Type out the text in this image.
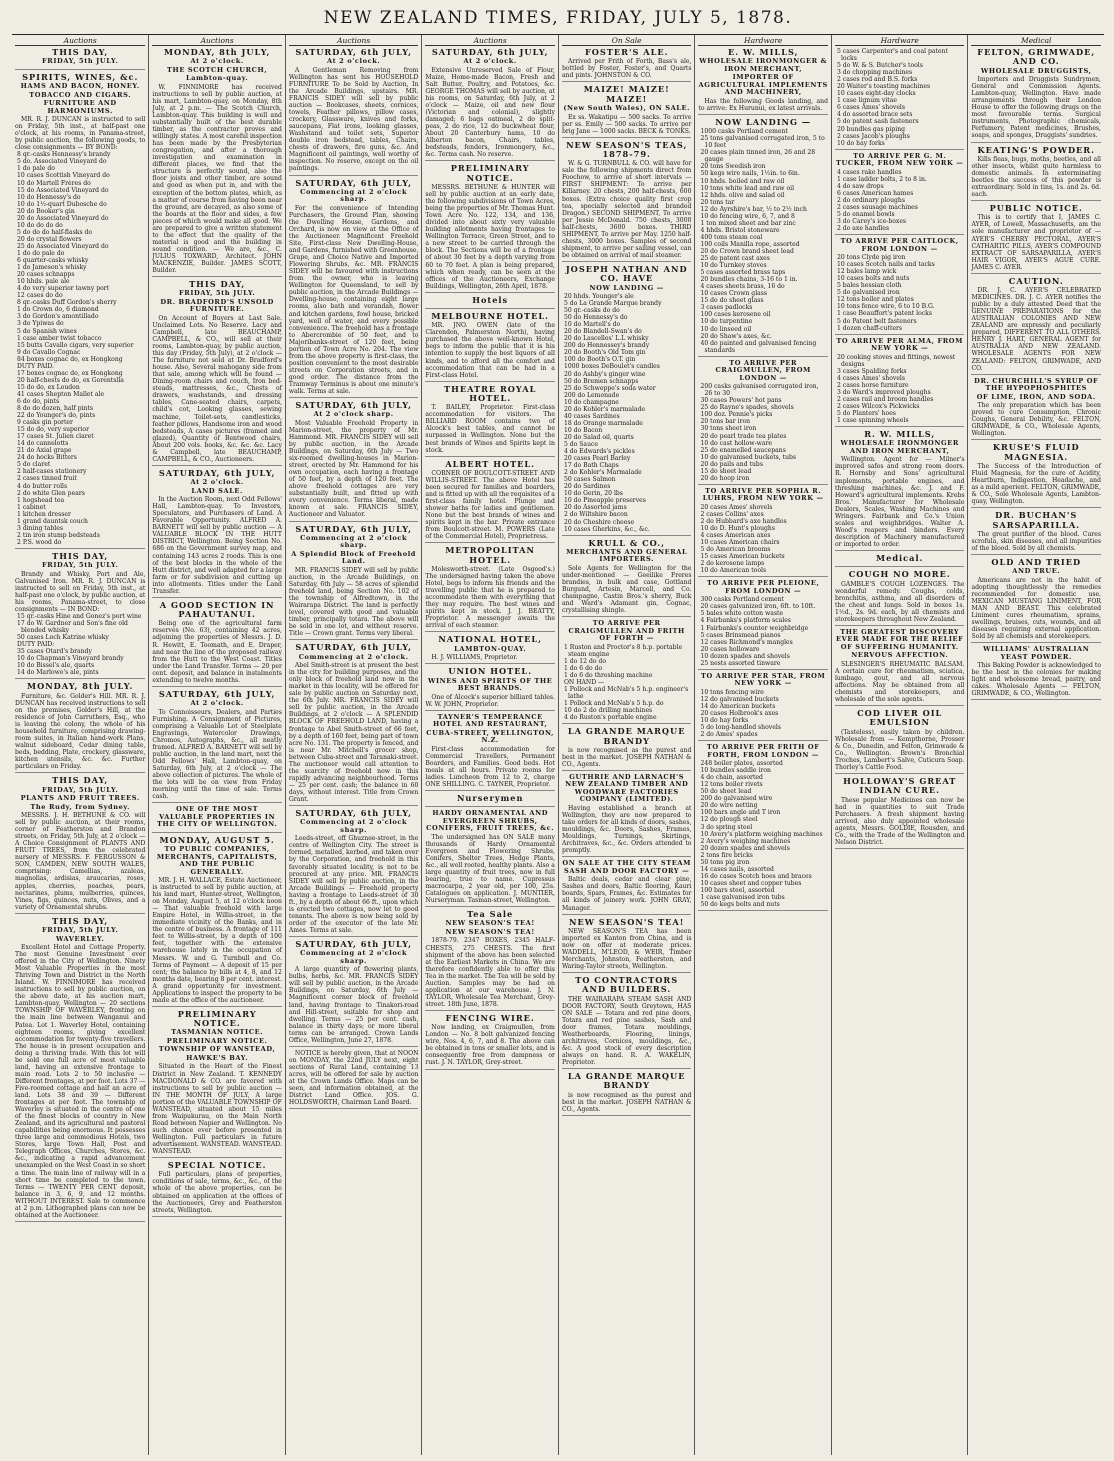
NEW ZEALAND TIMES, FRIDAY, JULY 5, 1878.
Auctions
THIS DAY,
FRIDAY, 5th JULY.
SPIRITS, WINES, &c.
HAMS AND BACON, HONEY.
TOBACCO AND CIGARS.
FURNITURE AND HARMONIUMS.
MR. R. J. DUNCAN is instructed to sell on Friday, 5th inst., at half-past one o'clock, at his rooms, in Panama-street, by public auction, the following goods, to close consignments — BY BOND:
8 qr.-casks Hennessy's brandy
5 do. Associated Vineyard do
1 do pale do
10 cases Scottish Vineyard do
10 do Martell Frères do
15 do Associated Vineyard do
10 do Hennessy's do
10 do 1½-quart Dubosche do
20 do Booker's gin
20 do Associated Vineyard do
10 do do do do
5 do do do half-flasks do
20 do crystal flowers
25 do Associated Vineyard do
1 do do pale do
6 quarter-casks whisky
1 do Jameson's whisky
20 cases schnapps
10 hhds. pale ale
4 do very superior tawny port
12 cases do do
8 qr.-casks Duff Gordon's sherry
1 do Crown do, 6 diamond
3 do Gordon's amontillado
3 do Ypiwas do
5 do Spanish wines
1 case amber twist tobacco
15 butts Cavallo cigars, very superior
9 do Cavallo Cognac
84 boxes cognac do, ex Hongkong
DUTY PAID.
17 boxes cognac do, ex Hongkong
20 half-chests do do, ex Gorentslla
15 do do, ex Loudon
41 cases Shepton Mallet ale
6 do do, pints
8 do do dozen, half pints
22 do Younger's do, pints
9 casks gin porter
15 do do, very superior
17 cases St. Julien claret
14 do cannelotts
21 do Axial grape
24 do hocks Bitters
5 do claret
2 half-cases stationery
2 cases tinned fruit
4 do butter rolls
2 do white Glen pears
1 hogshead tea
1 cabinet
1 kitchen dresser
1 grand dauntsk couch
3 dining tables
2 tin iron stump bedsteads
2 P.S. wood do
THIS DAY,
FRIDAY, 5th JULY.
Brandy and Whisky, Port and Ale, Galvanised Iron. MR. R. J. DUNCAN is instructed to sell on Friday, 5th inst., at half-past one o'clock, by public auction, at his rooms, Panama-street, to close consignments — IN BOND:
15 qr.-casks Hine and Gonez's port wine
17 do W. Gardner and Son's fine old blended whisky
50 cases Loch Katrine whisky
DUTY PAID:
35 cases Otard's brandy
10 do Chapman's Vineyard brandy
10 do Bissel's ale, quarts
14 do Marlowe's ale, pints
MONDAY, 8th JULY.
Furniture, &c. Golder's Hill. MR. R. J. DUNCAN has received instructions to sell on the premises, Golder's Hill, at the residence of John Carruthers, Esq., who is leaving the colony, the whole of his household furniture, comprising drawing-room suites, in Italian hand-work Plans, walnut sideboard, Cedar dining table, beds, bedding, Plate, crockery, glassware, kitchen utensils, &c. &c. Further particulars on Friday.
THIS DAY,
FRIDAY, 5th JULY.
PLANTS AND FRUIT TREES.
The Rudy, from Sydney.
MESSRS. J. H. BETHUNE & CO. will sell by public auction, at their rooms, corner of Featherston and Brandon streets, on Friday, 5th July, at 2 o'clock — A Choice Consignment of PLANTS AND FRUIT TREES, from the celebrated nursery of MESSRS. F. FERGUSSON & SON, CAMDEN, NEW SOUTH WALES, comprising: Camellias, azaleas, magnolias, ardisias, araucarias, roses, apples, cherries, peaches, pears, nectarines, plums, mulberries, quinces, Vines, figs, quinces, nuts, Olives, and a variety of Ornamental shrubs.
THIS DAY,
FRIDAY, 5th JULY.
WAVERLEY.
Excellent Hotel and Cottage Property. The most Genuine Investment ever offered in the City of Wellington. Ninety Most Valuable Properties in the most Thriving Town and District in the North Island. W. FINNIMORE has received instructions to sell by public auction, on the above date, at his auction mart, Lambton-quay, Wellington — 20 sections TOWNSHIP OF WAVERLEY, fronting on the main line between Wanganui and Patea. Lot 1. Waverley Hotel, containing eighteen rooms, giving excellent accommodation for twenty-five travellers. The house is in present occupation and doing a thriving trade. With this lot will be sold one full acre of most valuable land, having an extensive frontage to main road. Lots 2 to 50 inclusive — Different frontages, at per foot. Lots 37 — Five-roomed cottage and half an acre of land. Lots 38 and 39 — Different frontages at per foot. The township of Waverley is situated in the centre of one of the finest blocks of country in New Zealand, and its agricultural and pastoral capabilities being enormous. It possesses three large and commodious Hotels, two Stores, large Town Hall, Post and Telegraph Offices, Churches, Stores, &c. &c., indicating a rapid advancement unexampled on the West Coast in so short a time. The main line of railway will in a short time be completed to the town. Terms — TWENTY PER CENT deposit, balance in 3, 6, 9, and 12 months. WITHOUT INTEREST. Sale to commence at 2 p.m. Lithographed plans can now be obtained at the Auctioneer.
Auctions
MONDAY, 8th JULY,
At 2 o'clock.
THE SCOTCH CHURCH,
Lambton-quay.
W. FINNIMORE has received instructions to sell by public auction, at his mart, Lambton-quay, on Monday, 8th July, at 2 p.m. — The Scotch Church, Lambton-quay. This building is well and substantially built of the best durable timber, as the contractor proves and willingly states. A most careful inspection has been made by the Presbyterian congregation, and after a thorough investigation and examination in different places, we find that the structure is perfectly sound, also the floor joists and other timber, are sound and good as when put in, and with the exception of the bottom plates, which, as a matter of course from having been near the ground, are decayed, as also some of the boards at the floor and sides, a few pieces of which would make all good. We are prepared to give a written statement to the effect that the quality of the material is good and the building in sound condition. — We are, &c., C. JULIUS TOXWARD, Architect. JOHN MACKENZIE, Builder. JAMES SCOTT, Builder.
THIS DAY,
FRIDAY, 5th JULY.
DR. BRADFORD'S UNSOLD FURNITURE.
On Account of Buyers at Last Sale. Unclaimed Lots. No Reserve. Lacy and Campbell, late BEAUCHAMP, CAMPBELL, & CO., will sell at their rooms, Lambton-quay, by public auction, this day (Friday, 5th July), at 2 o'clock — The furniture not sold at Dr. Bradford's house. Also, Several mahogany side from that sale, among which will be found — Dining-room chairs and couch, Iron bed-steads, mattresses, &c., Chests of drawers, washstands, and dressing tables, Cane-seated chairs, carpets, child's cot, Looking glasses, sewing machine, Toilet-sets, candlesticks, feather pillows, Handsome iron and wood bedsteads, A cases pictures (framed and glazed), Quantity of Bentwood chairs, About 200 vols. books, &c. &c. &c. Lacy & Campbell, late BEAUCHAMP, CAMPBELL, & CO., Auctioneers.
SATURDAY, 6th JULY,
At 2 o'clock.
LAND SALE.
In the Auction Room, next Odd Fellows' Hall, Lambton-quay. To Investors, Speculators, and Purchasers of Land. A Favorable Opportunity. ALFRED A. BARNETT will sell by public auction — A VALUABLE BLOCK IN THE HUTT DISTRICT, Wellington. Being Section No. 686 on the Government survey map, and containing 143 acres 2 roods. This is one of the best blocks in the whole of the Hutt district, and well adapted for a large farm or for subdivision and cutting up into allotments. Titles under the Land Transfer.
A GOOD SECTION IN PAHAUTANUI.
Being one of the agricultural farm reserves (No. 63), containing 42 acres, adjoining the properties of Messrs. J. D. R. Hewitt, E. Toomath, and E. Draper, and near the line of the proposed railway from the Hutt to the West Coast. Titles under the Land Transfer. Terms — 20 per cent. deposit, and balance in instalments extending to twelve months.
SATURDAY, 6th JULY,
At 2 o'clock.
To Connoisseurs, Dealers, and Parties Furnishing. A Consignment of Pictures, comprising a Valuable Lot of Steelplate Engravings, Watercolor Drawings, Chromos, Autographs, &c., all neatly framed. ALFRED A. BARNETT will sell by public auction, in the land mart, next the Odd Fellows' Hall, Lambton-quay, on Saturday, 6th July, at 2 o'clock — The above collection of pictures. The whole of the lots will be on view from Friday morning until the time of sale. Terms cash.
ONE OF THE MOST VALUABLE PROPERTIES IN THE CITY OF WELLINGTON.
MONDAY, AUGUST 5.
TO PUBLIC COMPANIES, MERCHANTS, CAPITALISTS, AND THE PUBLIC GENERALLY.
MR. J. H. WALLACE, Estate Auctioneer, is instructed to sell by public auction, at his land mart, Hunter-street, Wellington, on Monday, August 5, at 12 o'clock noon — That valuable freehold with large Empire Hotel, in Willis-street, in the immediate vicinity of the Banks, and in the centre of business. A frontage of 111 feet to Willis-street, by a depth of 100 feet, together with the extensive warehouse lately in the occupation of Messrs. W. and G. Turnbull and Co. Terms of Payment — A deposit of 15 per cent; the balance by bills at 4, 8, and 12 months date, bearing 8 per cent. interest. A grand opportunity for investment. Applications to inspect the property to be made at the office of the auctioneer.
PRELIMINARY NOTICE.
TASMANIAN NOTICE.
PRELIMINARY NOTICE.
TOWNSHIP OF WANSTEAD,
HAWKE'S BAY.
Situated in the Heart of the Finest District in New Zealand. T. KENNEDY MACDONALD & CO. are favored with instructions to sell by public auction — IN THE MONTH OF JULY, A large portion of the VALUABLE TOWNSHIP OF WANSTEAD, situated about 15 miles from Waipukurau, on the Main North Road between Napier and Wellington. No such chance ever before presented in Wellington. Full particulars in future advertisement. WANSTEAD. WANSTEAD. WANSTEAD.
SPECIAL NOTICE.
Full particulars, plans of properties, conditions of sale, terms, &c., &c., of the whole of the above properties, can be obtained on application at the offices of the Auctioneers, Grey and Featherston streets, Wellington.
Auctions
SATURDAY, 6th JULY,
At 2 o'clock.
A Gentleman Removing from Wellington has sent his HOUSEHOLD FURNITURE To be Sold by Auction, In the Arcade Buildings, upstairs. MR. FRANCIS SIDEY will sell by public auction — Bookcases, sheets, cornices, towels, Feather pillows, pillow cases, crockery, Glassware, knives and forks, saucepans, Flat irons, looking glasses, Washstand and toilet sets, Superior double iron bedstead, tables, Chairs, chests of drawers, fire guns, &c. And Magnificent oil paintings, well worthy of inspection. No reserve, except on the oil paintings.
SATURDAY, 6th JULY,
Commencing at 2 o'clock sharp.
For the convenience of Intending Purchasers, the Ground Plan, showing the Dwelling House, Gardens, and Orchard, is now on view at the Office of the Auctioneer. Magnificent Freehold Site, First-class New Dwelling-House, and Gardens, furnished with Greenhouse, Grape, and Choice Native and Imported Flowering Shrubs, &c. MR. FRANCIS SIDEY will be favoured with instructions from the owner, who is leaving Wellington for Queensland, to sell by public auction, in the Arcade Buildings — Dwelling-house, containing eight large rooms, also bath and verandah, flower and kitchen gardens, fowl house, bricked yard, well of water, and every possible convenience. The freehold has a frontage to Abercrombie of 50 feet, and to Majoribanks-street of 120 feet, being portion of Town Acre No. 204. The view from the above property is first-class, the position convenient to the most desirable streets on Corporation streets, and in good order. The distance from the Tramway Terminus is about one minute's walk. Terms at sale.
SATURDAY, 6th JULY,
At 2 o'clock sharp.
Most Valuable Freehold Property in Marion-street, the property of Mr. Hammond. MR. FRANCIS SIDEY will sell by public auction, in the Arcade Buildings, on Saturday, 6th July — Two six-roomed dwelling-houses in Marion-street, erected by Mr. Hammond for his own occupation, each having a frontage of 50 feet, by a depth of 120 feet. The above freehold cottages are very substantially built, and fitted up with every convenience. Terms liberal, made known at sale. FRANCIS SIDEY, Auctioneer and Valuator.
SATURDAY, 6th JULY,
Commencing at 2 o'clock sharp.
A Splendid Block of Freehold Land.
MR. FRANCIS SIDEY will sell by public auction, in the Arcade Buildings, on Saturday, 6th July — 58 acres of splendid freehold land, being Section No. 102 of the township of Alfredtown, in the Wairarapa District. The land is perfectly level, covered with good and valuable timber, principally totara. The above will be sold in one lot, and without reserve. Title — Crown grant. Terms very liberal.
SATURDAY, 6th JULY,
Commencing at 2 o'clock.
Abel Smith-street is at present the best in the city for building purposes, and the only block of freehold land now in the market in this locality, will be offered for sale by public auction on Saturday next, the 6th July. MR. FRANCIS SIDEY will sell by public auction, in the Arcade Buildings, at 2 o'clock — A SPLENDID BLOCK OF FREEHOLD LAND, having a frontage to Abel Smith-street of 66 feet, by a depth of 160 feet, being part of town acre No. 131. The property is fenced, and is near Mr. Mitchell's grocer shop, between Cuba-street and Taranaki-street. The auctioneer would call attention to the scarcity of freehold now in this rapidly advancing neighbourhood. Terms — 25 per cent. cash; the balance in 60 days, without interest. Title from Crown Grant.
SATURDAY, 6th JULY,
Commencing at 2 o'clock sharp.
Leeds-street, off Ghuznee-street, in the centre of Wellington City. The street is formed, metalled, kerbed, and taken over by the Corporation, and freehold in this favorably situated locality, is not to be procured at any price. MR. FRANCIS SIDEY will sell by public auction, in the Arcade Buildings — Freehold property having a frontage to Leeds-street of 30 ft., by a depth of about 66 ft., upon which is erected two cottages, now let to good tenants. The above is now being sold by order of the executor of the late Mr. Ames. Terms at sale.
SATURDAY, 6th JULY,
Commencing at 2 o'clock sharp.
A large quantity of flowering plants, bulbs, herbs, &c. MR. FRANCIS SIDEY will sell by public auction, in the Arcade Buildings, on Saturday, 6th July — Magnificent corner block of freehold land, having frontage to Tinakori-road and Hill-street, suitable for shop and dwelling. Terms — 25 per cent. cash, balance in thirty days; or more liberal terms can be arranged. Crown Lands Office, Wellington, June 27, 1878.
NOTICE is hereby given, that at NOON on MONDAY, the 22nd JULY next, eight sections of Rural Land, containing 13 acres, will be offered for sale by auction at the Crown Lands Office. Maps can be seen, and information obtained, at the District Land Office. JOS. G. HOLDSWORTH, Chairman Land Board.
Auctions
SATURDAY, 6th JULY,
At 2 o'clock.
Extensive Unreserved Sale of Flour, Maize, Home-made Bacon, Fresh and Salt Butter, Poultry, and Potatoes, &c. GEORGE THOMAS will sell by auction, at his rooms, on Saturday, 6th July, at 2 o'clock — Maize, oil and new flour (Victorian and colonial), slightly damaged; 6 bags oatmeal, 2 do split-peas, 2 do rice, 12 do buckwheat flour, About 20 Canterbury hams, 10 do Alberton bacon, Chairs, tables, bedsteads, fenders, Ironmongery, &c., &c. Terms cash. No reserve.
PRELIMINARY NOTICE.
MESSRS. BETHUNE & HUNTER will sell by public auction at an early date, the following subdivisions of Town Acres, being the properties of Mr. Thomas Hunt. Town Acre No. 122, 134, and 136, divided into about sixty very valuable building allotments having frontages to Wellington Terrace, Green Street, and to a new street to be carried through the block. The Sections will be of a frontage of about 30 feet by a depth varying from 60 to 70 feet. A plan is being prepared, which when ready, can be seen at the offices of the Auctioneers, Exchange Buildings, Wellington, 26th April, 1878.
Hotels
MELBOURNE HOTEL.
MR. JNO. OWEN (late of the Clarendon, Palmerston North), having purchased the above well-known Hotel, begs to inform the public that it is his intention to supply the best liquors of all kinds, and to afford all the comfort and accommodation that can be had in a First-class Hotel.
THEATRE ROYAL HOTEL.
T. BAILEY, Proprietor. First-class accommodation for visitors. The BILLIARD ROOM contains two of Alcock's best tables, and cannot be surpassed in Wellington. None but the best brands of Wines and Spirits kept in stock.
ALBERT HOTEL.
CORNER OF BOULCOTT-STREET AND WILLIS-STREET. The above Hotel has been secured for families and boarders, and is fitted up with all the requisites of a first-class family hotel. Plunge and shower baths for ladies and gentlemen. None but the best brands of wines and spirits kept in the bar. Private entrance from Boulcott-street. M. POWERS (Late of the Commercial Hotel), Proprietress.
METROPOLITAN HOTEL.
Molesworth-street. (Late Osgood's.) The undersigned having taken the above Hotel, begs to inform his friends and the travelling public that he is prepared to accommodate them with everything that they may require. The best wines and spirits kept in stock. J. J. BEATTY, Proprietor. A messenger awaits the arrival of each steamer.
NATIONAL HOTEL,
LAMBTON-QUAY.
H. J. WILLIAMS, Proprietor.
UNION HOTEL.
WINES AND SPIRITS OF THE BEST BRANDS.
One of Alcock's superior billiard tables. W. W. JOHN, Proprietor.
TAYNER'S TEMPERANCE HOTEL AND RESTAURANT,
CUBA-STREET, WELLINGTON, N.Z.
First-class accommodation for Commercial Travellers, Permanent Boarders, and Families. Good beds. Hot meals at all hours. Private rooms for ladies. Luncheon from 12 to 2, charge ONE SHILLING. C. TAYNER, Proprietor.
Nurserymen
HARDY ORNAMENTAL AND EVERGREEN SHRUBS, CONIFERS, FRUIT TREES, &c.
The undersigned has ON SALE many thousands of Hardy Ornamental Evergreen and Flowering Shrubs, Conifers, Shelter Trees, Hedge Plants, &c., all well rooted, healthy plants. Also a large quantity of fruit trees, now in full bearing, true to name. Cupressus macrocarpa, 2 year old, per 100, 25s. Catalogues on application. J. MUNTIER, Nurseryman. Tasman-street, Wellington.
Tea Sale
NEW SEASON'S TEA!
NEW SEASON'S TEA!
1878-79. 2347 BOXES, 2345 HALF-CHESTS, 275 CHESTS. The first shipment of the above has been selected at the Earliest Markets in China. We are therefore confidently able to offer this Tea in the market. The Tea will be sold by Auction. Samples may be had on application at our warehouse. J. N. TAYLOR, Wholesale Tea Merchant, Grey-street. 18th June, 1878.
FENCING WIRE.
Now landing, ex Craigmullen, from London — No. 8 bolt galvanized fencing wire, Nos. 4, 6, 7, and 8. The above can be obtained in tons or smaller lots, and is consequently free from dampness or rust. J. N. TAYLOR, Grey-street.
On Sale
FOSTER'S ALE.
Arrived per Frith of Forth, Bass's ale, bottled by Foster, Foster's, and Quarts and pints. JOHNSTON & CO.
MAIZE! MAIZE! MAIZE!
(New South Wales), ON SALE.
Ex ss. Wakatipu — 500 sacks. To arrive per ss. Emily — 500 sacks. To arrive per brig Jane — 1000 sacks. BECK & TONKS.
NEW SEASON'S TEAS, 1878-79.
W. & G. TURNBULL & CO. will have for sale the following shipments direct from Foochow, to arrive at short intervals — FIRST SHIPMENT: To arrive per Killarney. 20 chests, 200 half-chests, 600 boxes. (Extra choice quality first crop tea, specially selected and branded Dragon.) SECOND SHIPMENT, To arrive per Jessie McDonald. 750 chests, 3000 half-chests, 3600 boxes. THIRD SHIPMENT, To arrive per May. 1250 half-chests, 3000 boxes. Samples of second shipment, to arrive per sailing vessel, can be obtained on arrival of mail steamer.
JOSEPH NATHAN AND CO. HAVE
NOW LANDING —
20 hhds. Younger's ale
5 do La Grande Marque brandy
50 qr.-casks do do
50 do Hennessy's do
10 do Martell's do
20 do Blandell-Swan's do
20 do Lascelles' L.L whisky
200 do Hennessey's brandy
20 do Booth's Old Tom gin
100 do Booth's O.T. gin
1000 boxes DeBoulet's candles
20 do Ashby's ginger wine
50 do Bremen schnapps
25 do Schweppe's soda water
200 do Lemonade
10 do champagne
20 do Kohler's marmalade
40 cases Sardines
18 do Orange marmalade
10 do Bacon
20 do Salad oil, quarts
5 do Sauce
4 do Edwards's pickles
20 cases Pearl Barley
17 do Bath Chaps
2 do Kohler's Marmalade
50 cases Salmon
20 do Sardines
10 do Gerin, 20 lbs
10 do Pineapple preserves
20 do Assorted jams
2 do Wiltshire bacon
20 do Cheshire cheese
10 cases Gherkins, &c., &c.
KRULL & CO.,
MERCHANTS AND GENERAL IMPORTERS.
Sole Agents for Wellington for the under-mentioned — Geeilike Freres brandies, in bulk and case, Gottland Burgund, Artesin, Marcell, and Co. champagne, Castin Bros.'s sherry, Buck and Ward's Adamant gin, Cognac, crystallising shingle.
TO ARRIVE PER CRAIGMULLEN AND FRITH OF FORTH —
1 Ruston and Proctor's 8 h.p. portable steam engine
1 do 12 do do
1 do 6 do do
1 do 6 do threshing machine
ON HAND —
1 Pollock and McNab's 5 h.p. engineer's lathe
1 Pollock and McNab's 5 h.p. do
10 do 2 do drilling machines
4 do Ruston's portable engine
LA GRANDE MARQUE BRANDY
is now recognised as the purest and best in the market. JOSEPH NATHAN & CO., Agents.
GUTHRIE AND LARNACH'S NEW ZEALAND TIMBER AND WOODWARE FACTORIES COMPANY (LIMITED).
Having established a branch at Wellington, they are now prepared to take orders for all kinds of doors, sashes, mouldings, &c. Doors, Sashes, Frames, Mouldings, Turnings, Skirtings, Architraves, &c., &c. Orders attended to promptly.
ON SALE AT THE CITY STEAM SASH AND DOOR FACTORY —
Baltic deals, cedar and clear pine, Sashes and doors, Baltic flooring, Kauri boards, Spars, Frames, &c. Estimates for all kinds of joinery work. JOHN GRAY, Manager.
NEW SEASON'S TEA!
NEW SEASON'S TEA has been imported ex Kanton from China, and is now on offer at moderate prices. WADDELL, M'LEOD, & WEIR, Timber Merchants, Johnston, Featherston, and Waring-Taylor streets, Wellington.
TO CONTRACTORS AND BUILDERS.
THE WAIRARAPA STEAM SASH AND DOOR FACTORY, South Greytown, HAS ON SALE — Totara and red pine doors, Totara and red pine sashes, Sash and door frames, Totara mouldings, Weatherboards, Flooring, linings, architraves, Cornices, mouldings, &c., &c. A good stock of every description always on hand. R. A. WAKELIN, Proprietor.
LA GRANDE MARQUE BRANDY
is now recognised as the purest and best in the market. JOSEPH NATHAN & CO., Agents.
Hardware
E. W. MILLS,
WHOLESALE IRONMONGER & IRON MERCHANT,
IMPORTER OF AGRICULTURAL IMPLEMENTS AND MACHINERY,
Has the following Goods landing, and to arrive: Ex Hurunui, ex latest arrivals.
NOW LANDING —
1000 casks Portland cement
25 tons galvanised corrugated iron, 5 to 10 feet
20 cases plain tinned iron, 26 and 28 gauge
20 tons Swedish iron
50 kegs wire nails, 1½in. to 6in.
10 hhds. boiled and raw oil
10 tons white lead and raw oil
12 hhds. olive and salad oil
20 tons tar
12 do Ayrshire's bar, ½ to 2½ inch
10 do fencing wire, 6, 7, and 8
1 ton mixed sheet and bar zinc
4 hhds. Bristol stoneware
400 tons steam coal
100 coils Manilla rope, assorted
20 do Crown brand sheet lead
25 do patent cast axes
10 do Turnkey stoves
5 cases assorted brass taps
20 bundles chains, 3-16 to 1 in.
4 cases sheets brass, 16 do
10 cases Crown glass
15 do do sheet glass
3 cases padlocks
100 cases kerosene oil
10 do turpentine
10 do linseed oil
20 do Shaw's axes, &c.
40 do painted and galvanised fencing standards
TO ARRIVE PER CRAIGMULLEN, FROM LONDON —
200 casks galvanised corrugated iron, 26 to 30
30 cases Powers' hot pans
25 do Rayne's spades, shovels
100 doz. Pennie's picks
20 tons bar iron
30 tons sheet iron
20 do pearl trade tea plates
10 do cast hollow-ware
25 do enamelled saucepans
10 do galvanised buckets, tubs
20 do pails and tubs
15 do sheet lead
20 do hoop iron
TO ARRIVE PER SOPHIA R. LUHRS, FROM NEW YORK —
20 cases Ames' shovels
2 cases Collins' axes
2 do Hubbard's axe handles
10 do D. Hunt's ploughs
4 cases American axes
10 cases American chairs
5 do American brooms
15 cases American buckets
2 do kerosene lamps
10 do American tools
TO ARRIVE PER PLEIONE, FROM LONDON —
300 casks Portland cement
20 cases galvanized iron, 6ft. to 10ft.
5 bales white cotton waste
4 Fairbanks's platform scales
1 Fairbanks's counter weighbridge
5 cases Brinsmead pianos
12 cases Richmond's mangles
20 cases holloware
10 dozen spades and shovels
25 nests assorted tinware
TO ARRIVE PER STAR, FROM NEW YORK —
10 tons fencing wire
12 do galvanised buckets
14 do American buckets
20 cases Holbrook's axes
10 do hay forks
5 do long-handled shovels
2 do Ames' spades
TO ARRIVE PER FRITH OF FORTH, FROM LONDON —
248 boiler plates, assorted
10 bundles saddle iron
4 do chain, assorted
12 tons boiler rivets
50 do sheet lead
200 do galvanised wire
20 do wire netting
100 bars angle and T iron
12 do plough steel
3 do spring steel
10 Avery's platform weighing machines
2 Avery's weighing machines
20 dozen spades and shovels
2 tons fire bricks
50 tons pig iron
14 cases nails, assorted
16 do cases Scotch hoes and braces
10 cases sheet and copper tubes
100 bars steel, assorted
1 case galvanised iron tubs
50 do kegs bolts and nuts
Hardware
5 cases Carpenter's and coal patent locks
5 do W. & S. Butcher's tools
3 do chopping machines
2 cases rod and B.S. forks
20 Waiter's toasting machines
10 cases eight-day clocks
1 case lignum vitae
6 cases Ames' shovels
4 do assorted brace sets
5 do patent sash fasteners
20 bundles gas piping
2 cases Jacob's ploughs
10 do hay forks
TO ARRIVE PER G. M. TUCKER, FROM NEW YORK —
4 cases rake handles
1 case ladder bolts, 2 to 8 in.
4 do saw drops
6 cases American hames
2 do ordinary ploughs
2 cases sausage machines
5 do enamel bowls
3 do Carey's ice-boxes
2 do axe handles
TO ARRIVE PER CAITLOCK, FROM LONDON —
20 tons Clyde pig iron
10 cases Scotch nails and tacks
12 bales lamp wick
10 cases bolts and nuts
5 bales hessian cloth
5 do galvanised iron
12 tons boiler and plates
10 tons fence wire, 6 to 10 B.G.
1 case Beauffort's patent locks
5 do Patent belt fasteners
1 dozen chaff-cutters
TO ARRIVE PER ALMA, FROM NEW YORK —
20 cooking stoves and fittings, newest designs
3 cases Spalding forks
4 cases Ames' shovels
2 cases horse furniture
3 do Ward's improved ploughs
2 cases rail and broom handles
2 cases Wilcox's Pickwicks
5 do Planters' hoes
1 case spinning wheels
R. W. MILLS,
WHOLESALE IRONMONGER AND IRON MERCHANT,
Wellington. Agent for — Milner's improved safes and strong room doors. R. Hornsby and Sons' agricultural implements, portable engines, and threshing machines, &c. J. and F. Howard's agricultural implements. Krebs Bros.' Manufacturer for Wholesale Dealers, Scales, Washing Machines and Wringers. Fairbank and Co.'s Union scales and weighbridges. Walter A. Wood's reapers and binders. Every description of Machinery manufactured or imported to order.
Medical.
COUGH NO MORE.
GAMBLE'S COUGH LOZENGES. The wonderful remedy. Coughs, colds, bronchitis, asthma, and all disorders of the chest and lungs. Sold in boxes 1s. 1½d., 2s. 9d. each, by all chemists and storekeepers throughout New Zealand.
THE GREATEST DISCOVERY EVER MADE FOR THE RELIEF OF SUFFERING HUMANITY.
NERVOUS AFFECTION.
SLESINGER'S RHEUMATIC BALSAM. A certain cure for rheumatism, sciatica, lumbago, gout, and all nervous affections. May be obtained from all chemists and storekeepers, and wholesale of the sole agents.
COD LIVER OIL EMULSION
(Tasteless), easily taken by children. Wholesale from — Kempthorne, Prosser & Co., Dunedin, and Felton, Grimwade & Co., Wellington. Brown's Bronchial Troches, Lambert's Salve, Cuticura Soap. Thorley's Cattle Food.
HOLLOWAY'S GREAT INDIAN CURE.
These popular Medicines can now be had in quantities to suit Trade Purchasers. A fresh shipment having arrived, also duly appointed wholesale agents, Messrs. GOLDIE, Rousden, and Co., with the Trade of the Wellington and Nelson District.
Medical
FELTON, GRIMWADE, AND CO.
WHOLESALE DRUGGISTS,
Importers and Druggists Sundrymen, General and Commission Agents. Lambton-quay, Wellington. Have made arrangements through their London House to offer the following drugs on the most favourable terms. Surgical instruments, Photographic chemicals, Perfumery, Patent medicines, Brushes, soaps, and sponges, Druggists' sundries.
KEATING'S POWDER.
Kills fleas, bugs, moths, beetles, and all other insects, whilst quite harmless to domestic animals. In exterminating beetles the success of this powder is extraordinary. Sold in tins, 1s. and 2s. 6d. each.
PUBLIC NOTICE.
This is to certify that I, JAMES C. AYER, of Lowell, Massachusetts, am the sole manufacturer and proprietor of — AYER'S CHERRY PECTORAL, AYER'S CATHARTIC PILLS, AYER'S COMPOUND EXTRACT OF SARSAPARILLA, AYER'S HAIR VIGOR, AYER'S AGUE CURE. JAMES C. AYER.
CAUTION.
DR. J. C. AYER'S CELEBRATED MEDICINES. DR. J. C. AYER notifies the public by a duly attested Deed that the GENUINE PREPARATIONS for the AUSTRALIAN COLONIES AND NEW ZEALAND are expressly and peculiarly prepared, DIFFERENT TO ALL OTHERS. HENRY J. HART, GENERAL AGENT for AUSTRALIA AND NEW ZEALAND. WHOLESALE AGENTS FOR NEW ZEALAND: FELTON, GRIMWADE, AND CO.
DR. CHURCHILL'S SYRUP OF THE HYPOPHOSPHITES
OF LIME, IRON, AND SODA.
The only preparation which has been proved to cure Consumption, Chronic Coughs, General Debility, &c. FELTON, GRIMWADE, & CO., Wholesale Agents, Wellington.
KRUSE'S FLUID MAGNESIA.
The Success of the Introduction of Fluid Magnesia, for the cure of Acidity, Heartburn, Indigestion, Headache, and as a mild aperient. FELTON, GRIMWADE, & CO., Sole Wholesale Agents, Lambton-quay, Wellington.
DR. BUCHAN'S SARSAPARILLA.
The great purifier of the blood. Cures scrofula, skin diseases, and all impurities of the blood. Sold by all chemists.
OLD AND TRIED
AND TRUE.
Americans are not in the habit of adopting thoughtlessly the remedies recommended for domestic use. MEXICAN MUSTANG LINIMENT, FOR MAN AND BEAST. This celebrated Liniment cures rheumatism, sprains, swellings, bruises, cuts, wounds, and all diseases requiring external application. Sold by all chemists and storekeepers.
WILLIAMS' AUSTRALIAN YEAST POWDER.
This Baking Powder is acknowledged to be the best in the colonies for making light and wholesome bread, pastry, and cakes. Wholesale Agents — FELTON, GRIMWADE, & CO., Wellington.
